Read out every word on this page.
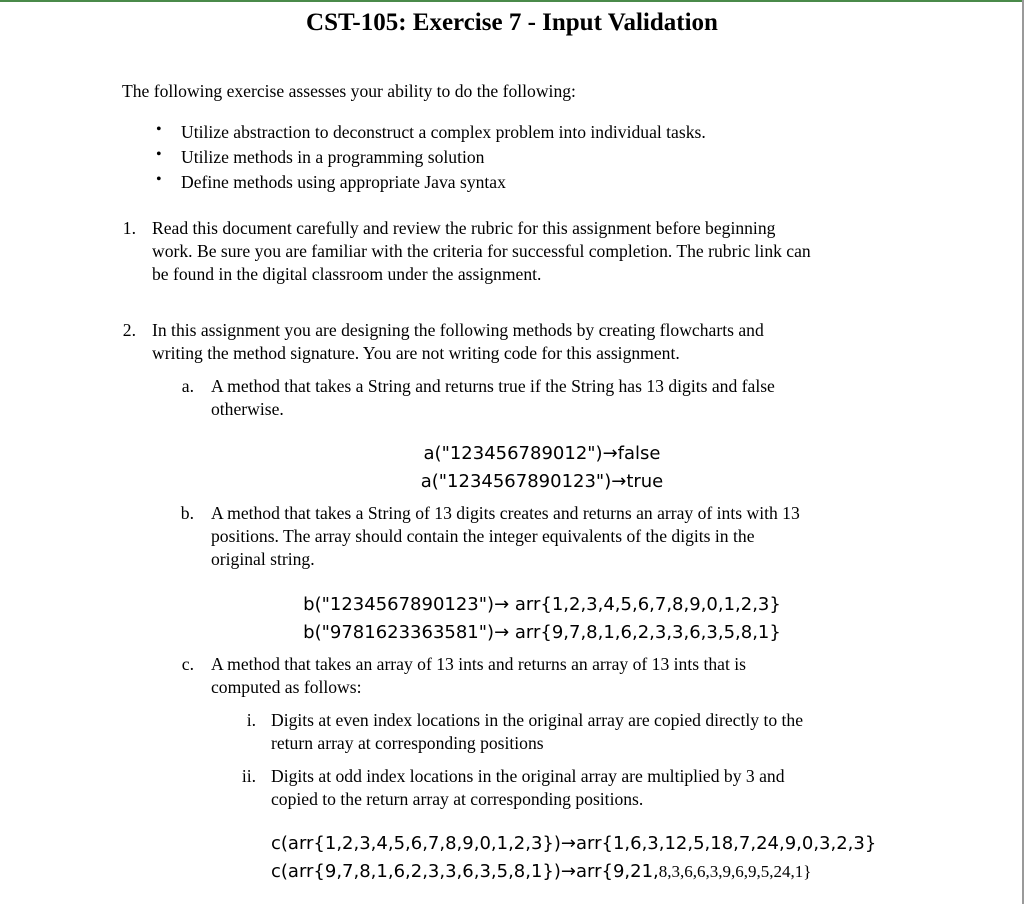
CST-105: Exercise 7 - Input Validation
The following exercise assesses your ability to do the following:
• Utilize abstraction to deconstruct a complex problem into individual tasks.
• Utilize methods in a programming solution
• Define methods using appropriate Java syntax
1. Read this document carefully and review the rubric for this assignment before beginning
work. Be sure you are familiar with the criteria for successful completion. The rubric link can
be found in the digital classroom under the assignment.
2. In this assignment you are designing the following methods by creating flowcharts and
writing the method signature. You are not writing code for this assignment.
a. A method that takes a String and returns true if the String has 13 digits and false
otherwise.
a("123456789012")→false
a("1234567890123")→true
b. A method that takes a String of 13 digits creates and returns an array of ints with 13
positions. The array should contain the integer equivalents of the digits in the
original string.
b("1234567890123")→ arr{1,2,3,4,5,6,7,8,9,0,1,2,3}
b("9781623363581")→ arr{9,7,8,1,6,2,3,3,6,3,5,8,1}
c. A method that takes an array of 13 ints and returns an array of 13 ints that is
computed as follows:
i. Digits at even index locations in the original array are copied directly to the
return array at corresponding positions
ii. Digits at odd index locations in the original array are multiplied by 3 and
copied to the return array at corresponding positions.
c(arr{1,2,3,4,5,6,7,8,9,0,1,2,3})→arr{1,6,3,12,5,18,7,24,9,0,3,2,3}
c(arr{9,7,8,1,6,2,3,3,6,3,5,8,1})→arr{9,21,8,3,6,6,3,9,6,9,5,24,1}
